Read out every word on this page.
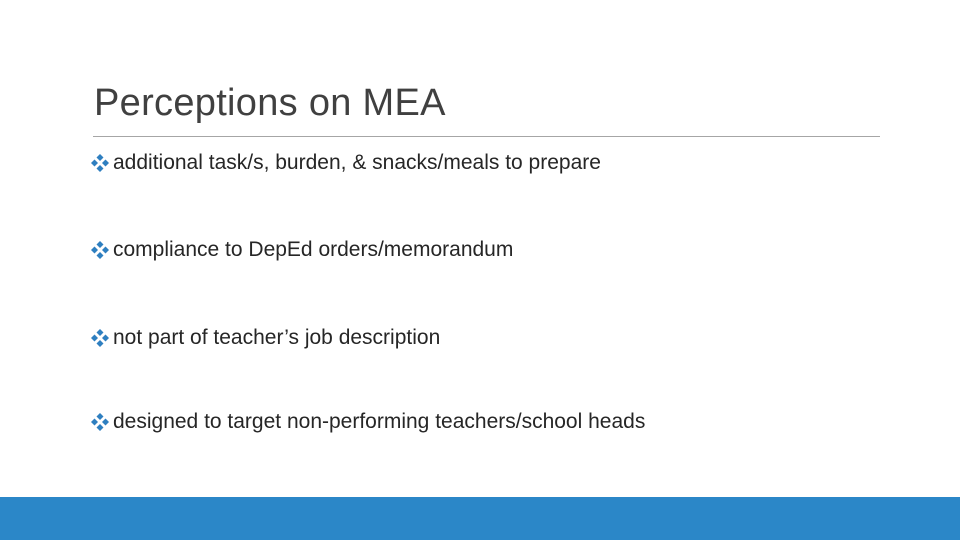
Perceptions on MEA
additional task/s, burden, & snacks/meals to prepare
compliance to DepEd orders/memorandum
not part of teacher’s job description
designed to target non-performing teachers/school heads
